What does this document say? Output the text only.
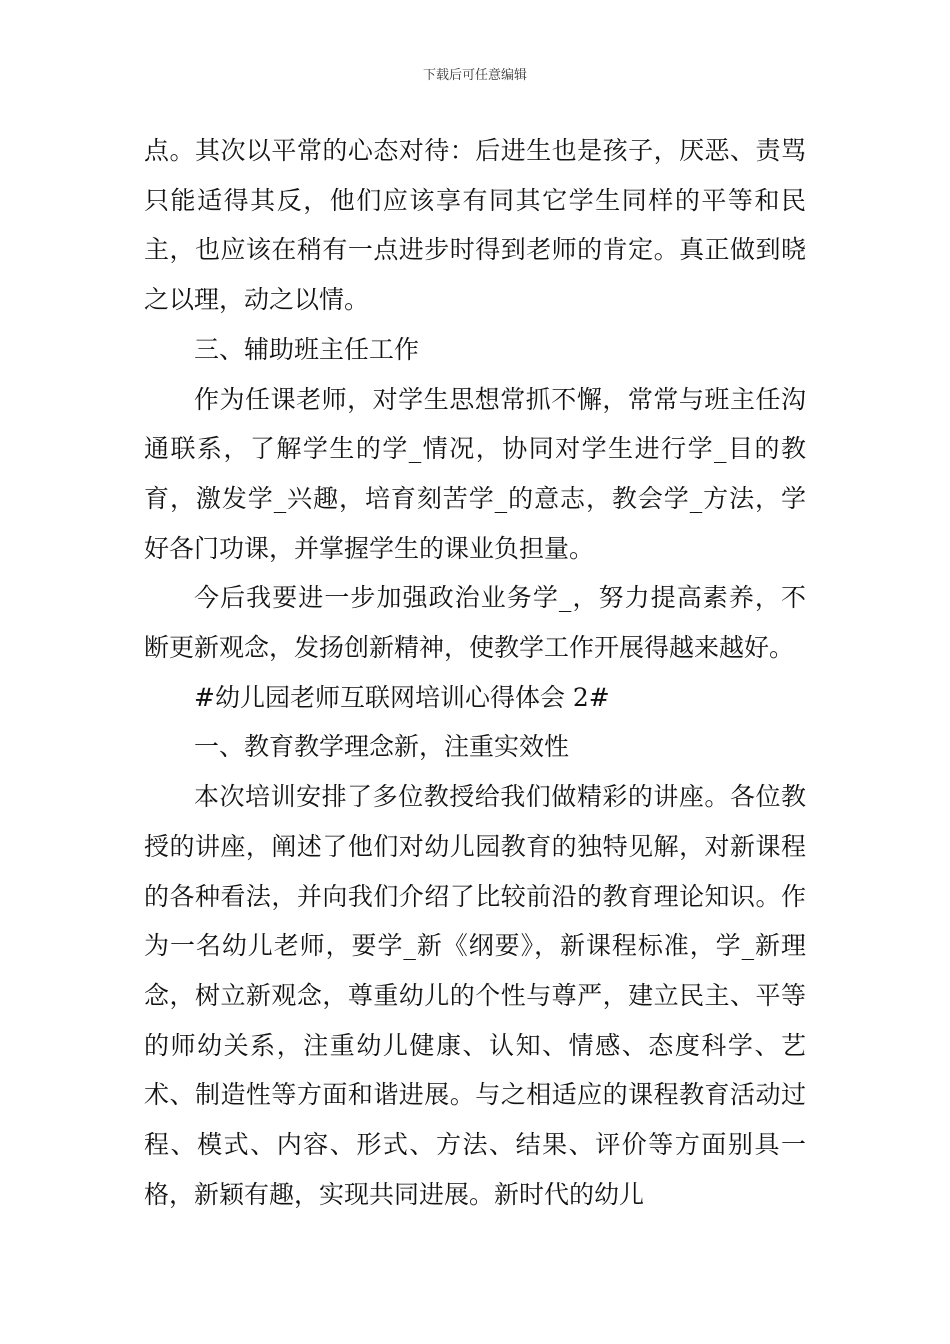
下载后可任意编辑

点。其次以平常的心态对待：后进生也是孩子，厌恶、责骂只能适得其反，他们应该享有同其它学生同样的平等和民主，也应该在稍有一点进步时得到老师的肯定。真正做到晓之以理，动之以情。

三、辅助班主任工作

作为任课老师，对学生思想常抓不懈，常常与班主任沟通联系，了解学生的学_情况，协同对学生进行学_目的教育，激发学_兴趣，培育刻苦学_的意志，教会学_方法，学好各门功课，并掌握学生的课业负担量。

今后我要进一步加强政治业务学_，努力提高素养，不断更新观念，发扬创新精神，使教学工作开展得越来越好。

#幼儿园老师互联网培训心得体会 2#

一、教育教学理念新，注重实效性

本次培训安排了多位教授给我们做精彩的讲座。各位教授的讲座，阐述了他们对幼儿园教育的独特见解，对新课程的各种看法，并向我们介绍了比较前沿的教育理论知识。作为一名幼儿老师，要学_新《纲要》，新课程标准，学_新理念，树立新观念，尊重幼儿的个性与尊严，建立民主、平等的师幼关系，注重幼儿健康、认知、情感、态度科学、艺术、制造性等方面和谐进展。与之相适应的课程教育活动过程、模式、内容、形式、方法、结果、评价等方面别具一格，新颖有趣，实现共同进展。新时代的幼儿
